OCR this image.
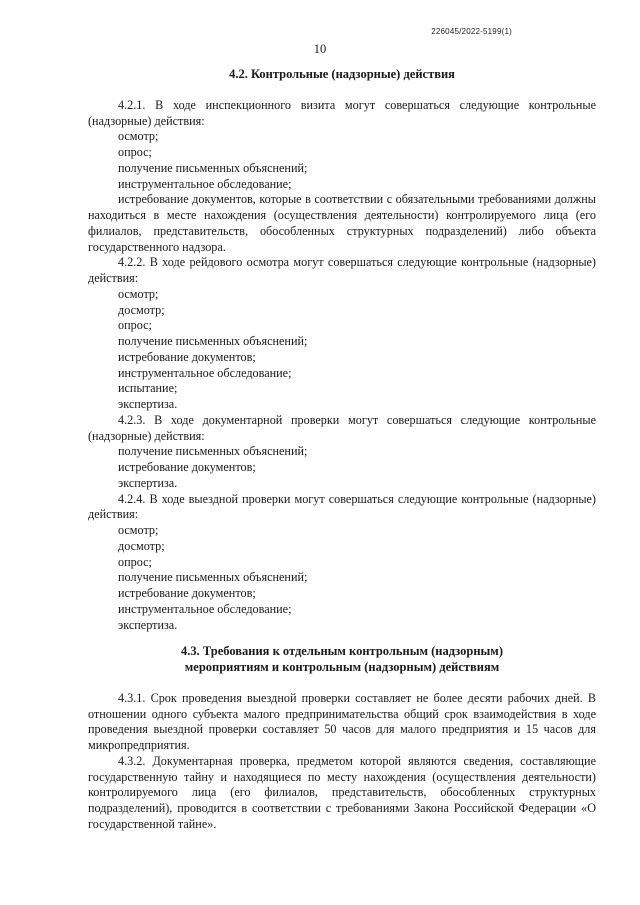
226045/2022-5199(1)
10

4.2. Контрольные (надзорные) действия

4.2.1. В ходе инспекционного визита могут совершаться следующие контрольные (надзорные) действия:

осмотр;

опрос;

получение письменных объяснений;

инструментальное обследование;

истребование документов, которые в соответствии с обязательными требованиями должны находиться в месте нахождения (осуществления деятельности) контролируемого лица (его филиалов, представительств, обособленных структурных подразделений) либо объекта государственного надзора.

4.2.2. В ходе рейдового осмотра могут совершаться следующие контрольные (надзорные) действия:

осмотр;

досмотр;

опрос;

получение письменных объяснений;

истребование документов;

инструментальное обследование;

испытание;

экспертиза.

4.2.3. В ходе документарной проверки могут совершаться следующие контрольные (надзорные) действия:

получение письменных объяснений;

истребование документов;

экспертиза.

4.2.4. В ходе выездной проверки могут совершаться следующие контрольные (надзорные) действия:

осмотр;

досмотр;

опрос;

получение письменных объяснений;

истребование документов;

инструментальное обследование;

экспертиза.

4.3. Требования к отдельным контрольным (надзорным)
мероприятиям и контрольным (надзорным) действиям

4.3.1. Срок проведения выездной проверки составляет не более десяти рабочих дней. В отношении одного субъекта малого предпринимательства общий срок взаимодействия в ходе проведения выездной проверки составляет 50 часов для малого предприятия и 15 часов для микропредприятия.

4.3.2. Документарная проверка, предметом которой являются сведения, составляющие государственную тайну и находящиеся по месту нахождения (осуществления деятельности) контролируемого лица (его филиалов, представительств, обособленных структурных подразделений), проводится в соответствии с требованиями Закона Российской Федерации «О государственной тайне».
